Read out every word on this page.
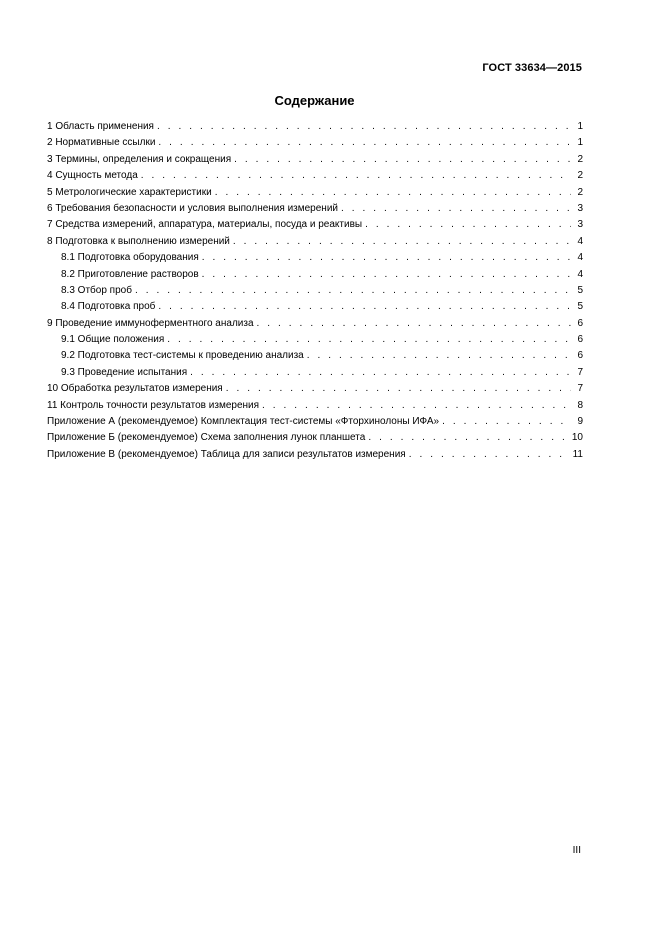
ГОСТ 33634—2015
Содержание
1 Область применения . . .	1
2 Нормативные ссылки . . .	1
3 Термины, определения и сокращения . . .	2
4 Сущность метода . . .	2
5 Метрологические характеристики . . .	2
6 Требования безопасности и условия выполнения измерений . . .	3
7 Средства измерений, аппаратура, материалы, посуда и реактивы . . .	3
8 Подготовка к выполнению измерений . . .	4
8.1 Подготовка оборудования . . .	4
8.2 Приготовление растворов . . .	4
8.3 Отбор проб . . .	5
8.4 Подготовка проб . . .	5
9 Проведение иммуноферментного анализа . . .	6
9.1 Общие положения . . .	6
9.2 Подготовка тест-системы к проведению анализа . . .	6
9.3 Проведение испытания . . .	7
10 Обработка результатов измерения . . .	7
11 Контроль точности результатов измерения . . .	8
Приложение А (рекомендуемое) Комплектация тест-системы «Фторхинолоны ИФА» . . .	9
Приложение Б (рекомендуемое) Схема заполнения лунок планшета . . .	10
Приложение В (рекомендуемое) Таблица для записи результатов измерения . . .	11
III
